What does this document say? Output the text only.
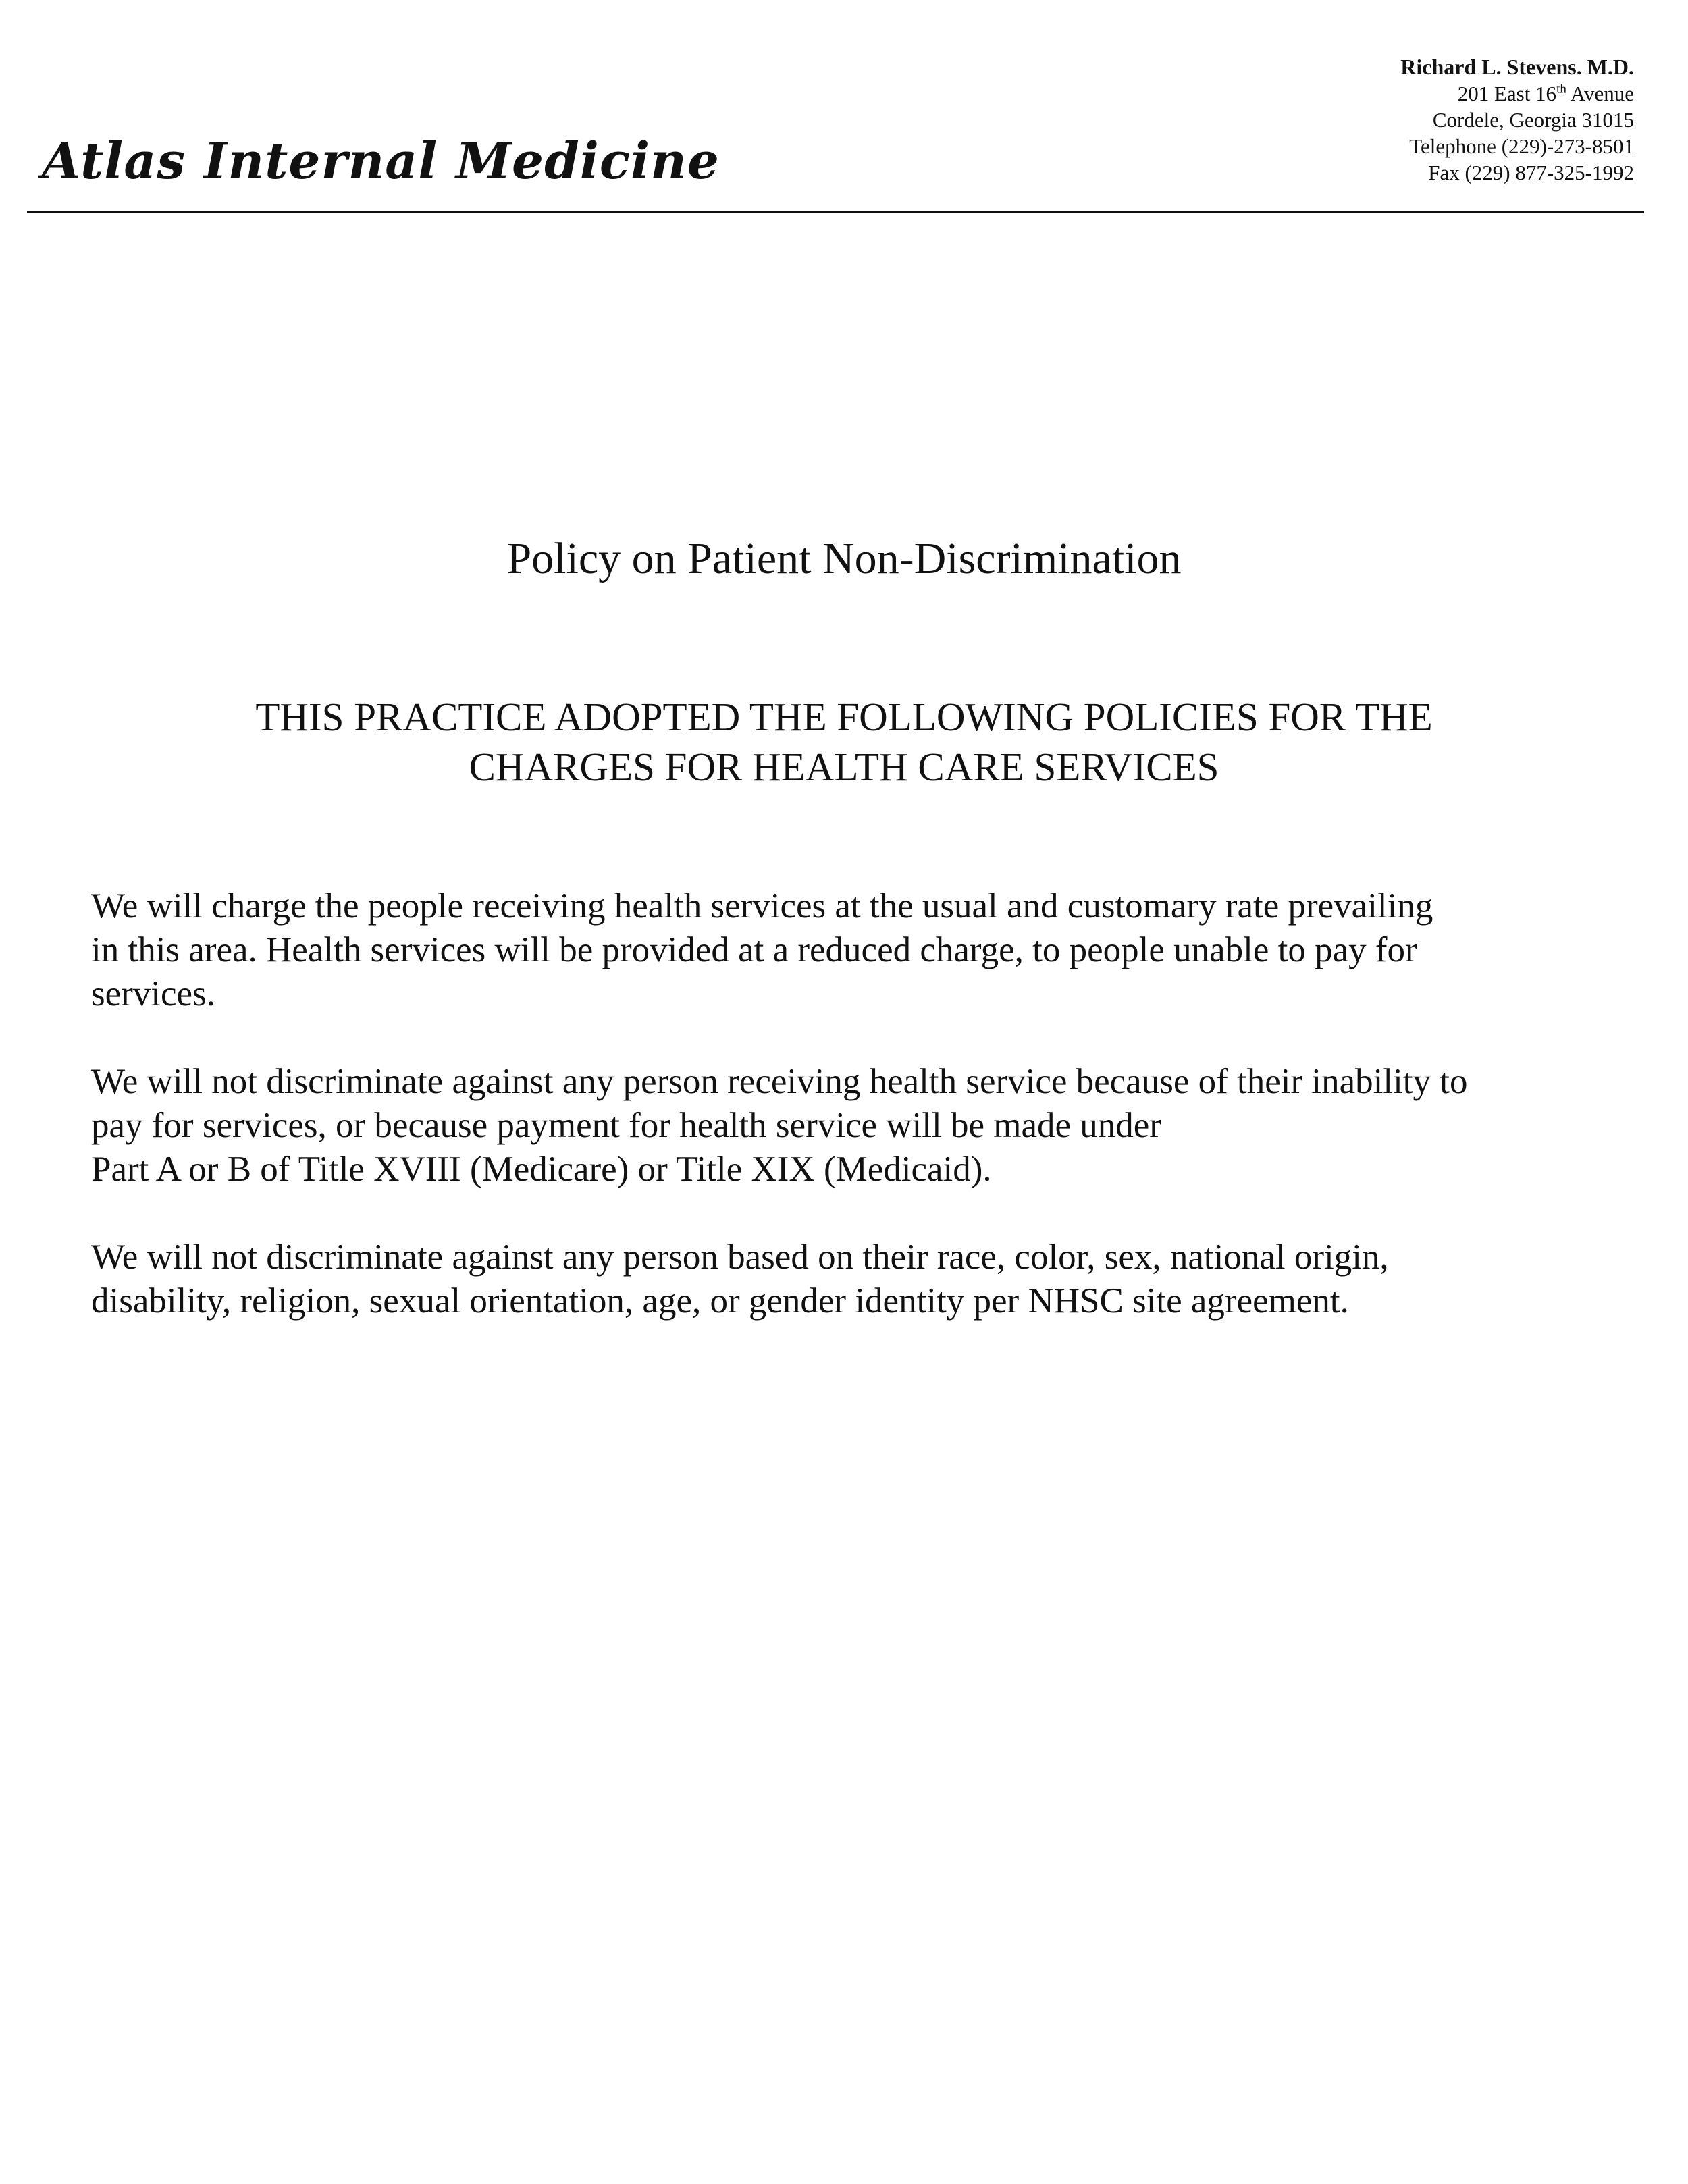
Atlas Internal Medicine
Richard L. Stevens. M.D.
201 East 16th Avenue
Cordele, Georgia 31015
Telephone (229)-273-8501
Fax (229) 877-325-1992
Policy on Patient Non-Discrimination
THIS PRACTICE ADOPTED THE FOLLOWING POLICIES FOR THE
CHARGES FOR HEALTH CARE SERVICES
We will charge the people receiving health services at the usual and customary rate prevailing
in this area. Health services will be provided at a reduced charge, to people unable to pay for
services.
We will not discriminate against any person receiving health service because of their inability to
pay for services, or because payment for health service will be made under
Part A or B of Title XVIII (Medicare) or Title XIX (Medicaid).
We will not discriminate against any person based on their race, color, sex, national origin,
disability, religion, sexual orientation, age, or gender identity per NHSC site agreement.
